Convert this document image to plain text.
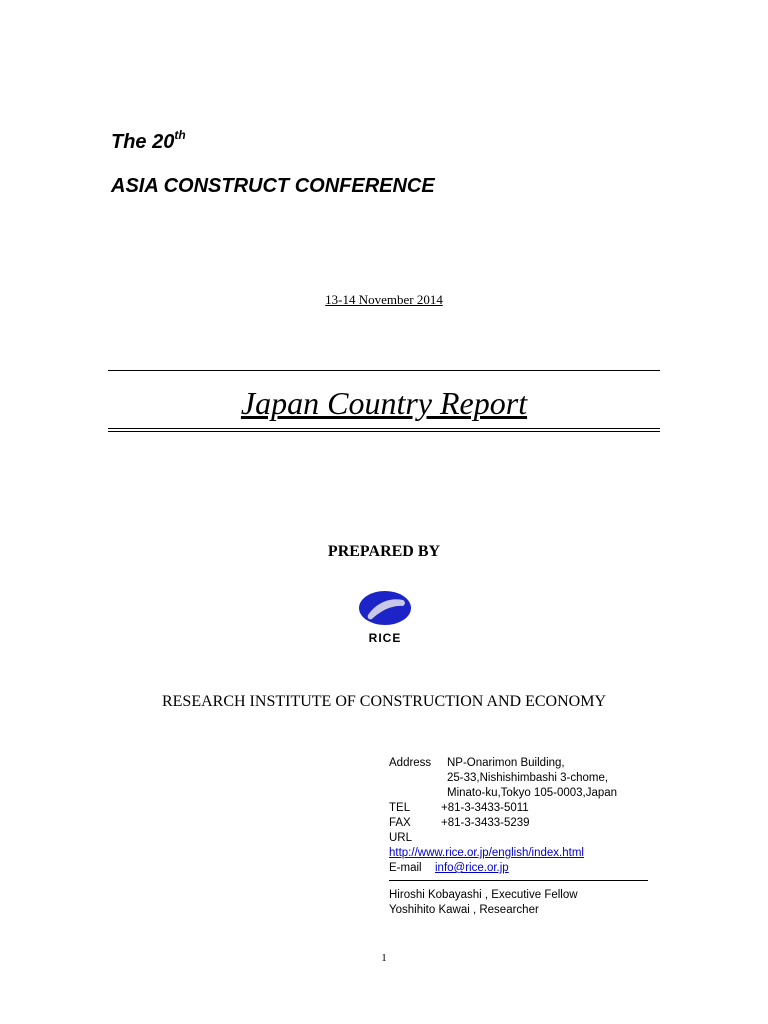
The 20th
ASIA CONSTRUCT CONFERENCE
13-14 November 2014
Japan Country Report
PREPARED BY
RICE
RESEARCH INSTITUTE OF CONSTRUCTION AND ECONOMY
Address NP-Onarimon Building,
25-33,Nishishimbashi 3-chome,
Minato-ku,Tokyo 105-0003,Japan
TEL	+81-3-3433-5011
FAX	+81-3-3433-5239
URL
http://www.rice.or.jp/english/index.html
E-mail info@rice.or.jp
Hiroshi Kobayashi , Executive Fellow
Yoshihito Kawai , Researcher
1
